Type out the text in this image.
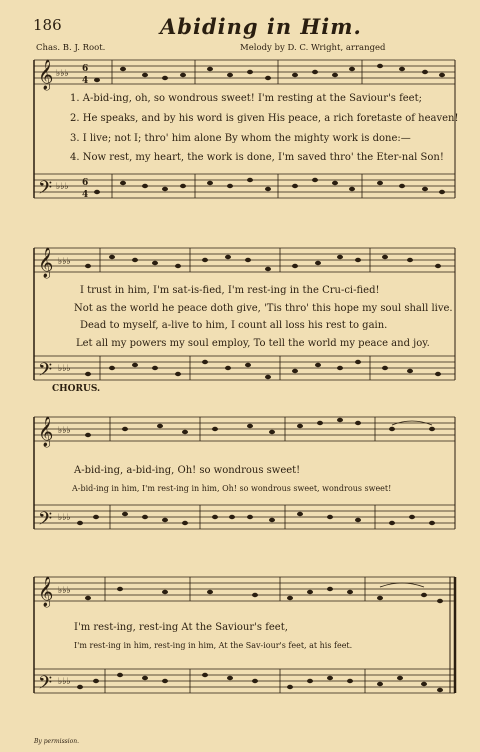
186	Abiding in Him.
Chas. B. J. Root.	Melody by D. C. Wright, arranged
𝄞
𝄢
♭♭♭ 6
4
♭♭♭ 6
4
1. A-bid-ing, oh, so wondrous sweet! I'm resting at the Saviour's feet;
2. He speaks, and by his word is given His peace, a rich foretaste of heaven!
3. I live; not I; thro' him alone By whom the mighty work is done:—
4. Now rest, my heart, the work is done, I'm saved thro' the Eter-nal Son!
𝄞
𝄢
♭♭♭
♭♭♭
I trust in him, I'm sat-is-fied, I'm rest-ing in the Cru-ci-fied!
Not as the world he peace doth give, 'Tis thro' this hope my soul shall live.
Dead to myself, a-live to him, I count all loss his rest to gain.
Let all my powers my soul employ, To tell the world my peace and joy.
CHORUS.
𝄞
𝄢
♭♭♭
♭♭♭
A-bid-ing, a-bid-ing, Oh! so wondrous sweet!
A-bid-ing in him, I'm rest-ing in him, Oh! so wondrous sweet, wondrous sweet!
𝄞
𝄢
♭♭♭
♭♭♭
I'm rest-ing, rest-ing At the Saviour's feet,
I'm rest-ing in him, rest-ing in him, At the Sav-iour's feet, at his feet.
By permission.
